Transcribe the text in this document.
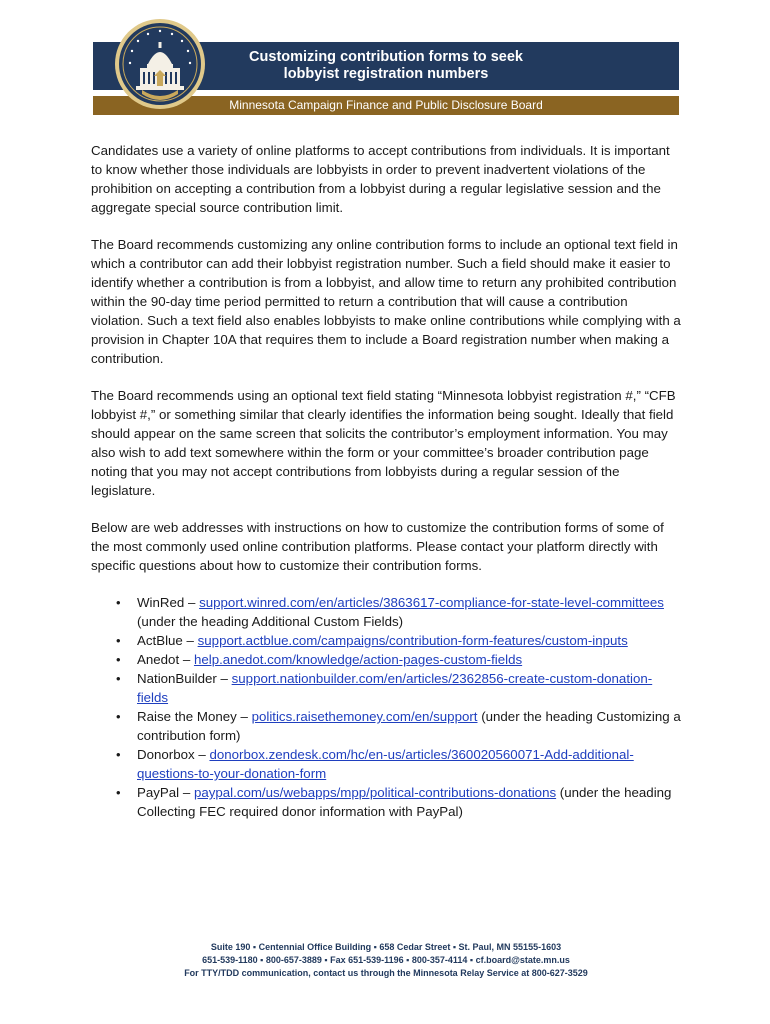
Customizing contribution forms to seek
lobbyist registration numbers
Minnesota Campaign Finance and Public Disclosure Board

Candidates use a variety of online platforms to accept contributions from individuals. It is important to know whether those individuals are lobbyists in order to prevent inadvertent violations of the prohibition on accepting a contribution from a lobbyist during a regular legislative session and the aggregate special source contribution limit.

The Board recommends customizing any online contribution forms to include an optional text field in which a contributor can add their lobbyist registration number. Such a field should make it easier to identify whether a contribution is from a lobbyist, and allow time to return any prohibited contribution within the 90-day time period permitted to return a contribution that will cause a contribution violation. Such a text field also enables lobbyists to make online contributions while complying with a provision in Chapter 10A that requires them to include a Board registration number when making a contribution.

The Board recommends using an optional text field stating “Minnesota lobbyist registration #,” “CFB lobbyist #,” or something similar that clearly identifies the information being sought. Ideally that field should appear on the same screen that solicits the contributor’s employment information. You may also wish to add text somewhere within the form or your committee’s broader contribution page noting that you may not accept contributions from lobbyists during a regular session of the legislature.

Below are web addresses with instructions on how to customize the contribution forms of some of the most commonly used online contribution platforms. Please contact your platform directly with specific questions about how to customize their contribution forms.

• WinRed – support.winred.com/en/articles/3863617-compliance-for-state-level-committees (under the heading Additional Custom Fields)
• ActBlue – support.actblue.com/campaigns/contribution-form-features/custom-inputs
• Anedot – help.anedot.com/knowledge/action-pages-custom-fields
• NationBuilder – support.nationbuilder.com/en/articles/2362856-create-custom-donation-fields
• Raise the Money – politics.raisethemoney.com/en/support (under the heading Customizing a contribution form)
• Donorbox – donorbox.zendesk.com/hc/en-us/articles/360020560071-Add-additional-questions-to-your-donation-form
• PayPal – paypal.com/us/webapps/mpp/political-contributions-donations (under the heading Collecting FEC required donor information with PayPal)
Suite 190 ▪ Centennial Office Building ▪ 658 Cedar Street ▪ St. Paul, MN 55155-1603
651-539-1180 ▪ 800-657-3889 ▪ Fax 651-539-1196 ▪ 800-357-4114 ▪ cf.board@state.mn.us
For TTY/TDD communication, contact us through the Minnesota Relay Service at 800-627-3529
